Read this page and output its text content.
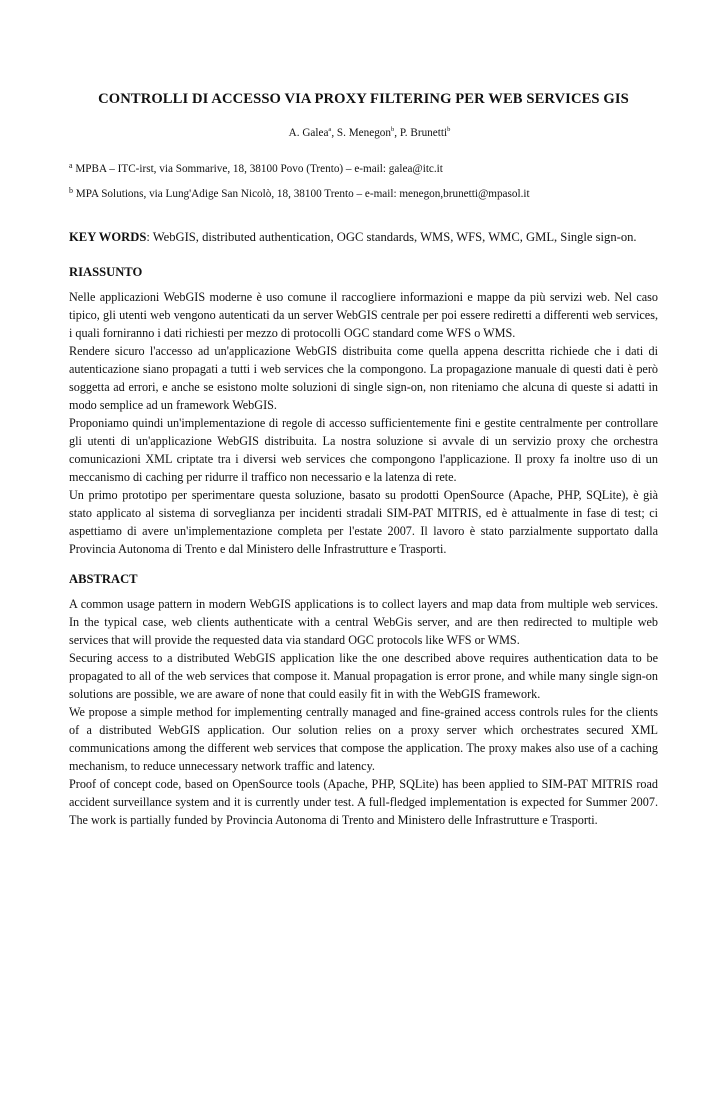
CONTROLLI DI ACCESSO VIA PROXY FILTERING PER WEB SERVICES GIS
A. Galea$^a$, S. Menegon$^b$, P. Brunetti$^b$
$^a$ MPBA – ITC-irst, via Sommarive, 18, 38100 Povo (Trento) – e-mail: galea@itc.it
$^b$ MPA Solutions, via Lung'Adige San Nicolò, 18, 38100 Trento – e-mail: menegon,brunetti@mpasol.it
KEY WORDS: WebGIS, distributed authentication, OGC standards, WMS, WFS, WMC, GML, Single sign-on.
RIASSUNTO

Nelle applicazioni WebGIS moderne è uso comune il raccogliere informazioni e mappe da più servizi web. Nel caso tipico, gli utenti web vengono autenticati da un server WebGIS centrale per poi essere rediretti a differenti web services, i quali forniranno i dati richiesti per mezzo di protocolli OGC standard come WFS o WMS.

Rendere sicuro l'accesso ad un'applicazione WebGIS distribuita come quella appena descritta richiede che i dati di autenticazione siano propagati a tutti i web services che la compongono. La propagazione manuale di questi dati è però soggetta ad errori, e anche se esistono molte soluzioni di single sign-on, non riteniamo che alcuna di queste si adatti in modo semplice ad un framework WebGIS.

Proponiamo quindi un'implementazione di regole di accesso sufficientemente fini e gestite centralmente per controllare gli utenti di un'applicazione WebGIS distribuita. La nostra soluzione si avvale di un servizio proxy che orchestra comunicazioni XML criptate tra i diversi web services che compongono l'applicazione. Il proxy fa inoltre uso di un meccanismo di caching per ridurre il traffico non necessario e la latenza di rete.

Un primo prototipo per sperimentare questa soluzione, basato su prodotti OpenSource (Apache, PHP, SQLite), è già stato applicato al sistema di sorveglianza per incidenti stradali SIM-PAT MITRIS, ed è attualmente in fase di test; ci aspettiamo di avere un'implementazione completa per l'estate 2007. Il lavoro è stato parzialmente supportato dalla Provincia Autonoma di Trento e dal Ministero delle Infrastrutture e Trasporti.

ABSTRACT

A common usage pattern in modern WebGIS applications is to collect layers and map data from multiple web services. In the typical case, web clients authenticate with a central WebGis server, and are then redirected to multiple web services that will provide the requested data via standard OGC protocols like WFS or WMS.

Securing access to a distributed WebGIS application like the one described above requires authentication data to be propagated to all of the web services that compose it. Manual propagation is error prone, and while many single sign-on solutions are possible, we are aware of none that could easily fit in with the WebGIS framework.

We propose a simple method for implementing centrally managed and fine-grained access controls rules for the clients of a distributed WebGIS application. Our solution relies on a proxy server which orchestrates secured XML communications among the different web services that compose the application. The proxy makes also use of a caching mechanism, to reduce unnecessary network traffic and latency.

Proof of concept code, based on OpenSource tools (Apache, PHP, SQLite) has been applied to SIM-PAT MITRIS road accident surveillance system and it is currently under test. A full-fledged implementation is expected for Summer 2007. The work is partially funded by Provincia Autonoma di Trento and Ministero delle Infrastrutture e Trasporti.
